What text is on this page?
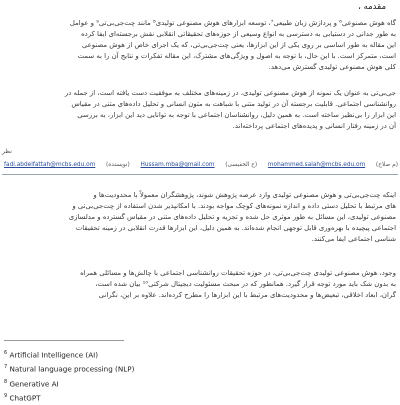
مقدمه ،
گاه هوش مصنوعی⁶ و پردازش زبان طبیعی⁷، توسعه ابزارهای هوش مصنوعی تولیدی⁸ مانند چت‌جی‌بی‌تی⁹ و عوامل
به طور جدانی در دستیابی به دسترسی به انواع وسیعی از حوزه‌های تحقیقاتی انقلابی نقش برجسته‌ای ایفا کرده
این مقاله به طور اساسی بر روی یکی از این ابزارها، یعنی چت‌جی‌بی‌تی، که یک اجرای خاص از هوش مصنوعی
است، متمرکز است. با این حال، با توجه به اصول و ویژگی‌های مشترک، این مقاله تفکرات و نتایج آن را به سمت
کلی هوش مصنوعی تولیدی گسترش می‌دهد.
جی‌بی‌تی به عنوان یک نمونه از هوش مصنوعی تولیدی، در زمینه‌های مختلف به موفقیت دست یافته است، از جمله در
روانشناسی اجتماعی. قابلیت برجسته آن در تولید متنی با شباهت به متون انسانی و تحلیل داده‌های متنی در مقیاس
این ابزار را بی‌نظیر ساخته است. به همین دلیل، روانشناسان اجتماعی با توجه به توانایی دید این ابزار، به بررسی
آن در زمینه رفتار انسانی و پدیده‌های اجتماعی پرداخته‌اند.
نظر
fadi.abdelfattah@mcbs.edu.om (نویسنده) Hussam.mba@gmail.com (ح الخفیسی) mohammed.salah@mcbs.edu.om (م صلاح)
اینکه چت‌جی‌بی‌تی و هوش مصنوعی تولیدی وارد عرصه پژوهش شوند، پژوهشگران معمولاً با محدودیت‌ها و
های مرتبط با تحلیل دستی داده و اندازه نمونه‌های کوچک مواجه بودند. با امکانپذیر شدن استفاده از چت‌جی‌بی‌تی و
مصنوعی تولیدی، این مسائل به طور موثری حل شده و تجزیه و تحلیل داده‌های متنی در مقیاس گسترده و مدلسازی
اجتماعی پیچیده با بهره‌وری قابل توجهی انجام شده‌اند. به همین دلیل، این ابزارها قدرت انقلابی در زمینه تحقیقات
شناسی اجتماعی ایفا می‌کنند.
وجود، هوش مصنوعی تولیدی چت‌جی‌بی‌تی، در حوزه تحقیقات روانشناسی اجتماعی با چالش‌ها و مسائلی همراه
به بدون شک باید مورد توجه قرار گیرد. همانطور که در مبحث مسئولیت دیجیتال شرکتی¹⁰ بیان شده است،
گران، ابعاد اخلاقی، تبعیض‌ها و محدودیت‌های مرتبط با این ابزارها را مطرح کرده‌اند. علاوه بر این، نگرانی
$^6$ Artificial Intelligence (AI)
$^7$ Natural language processing (NLP)
$^8$ Generative AI
$^9$ ChatGPT
